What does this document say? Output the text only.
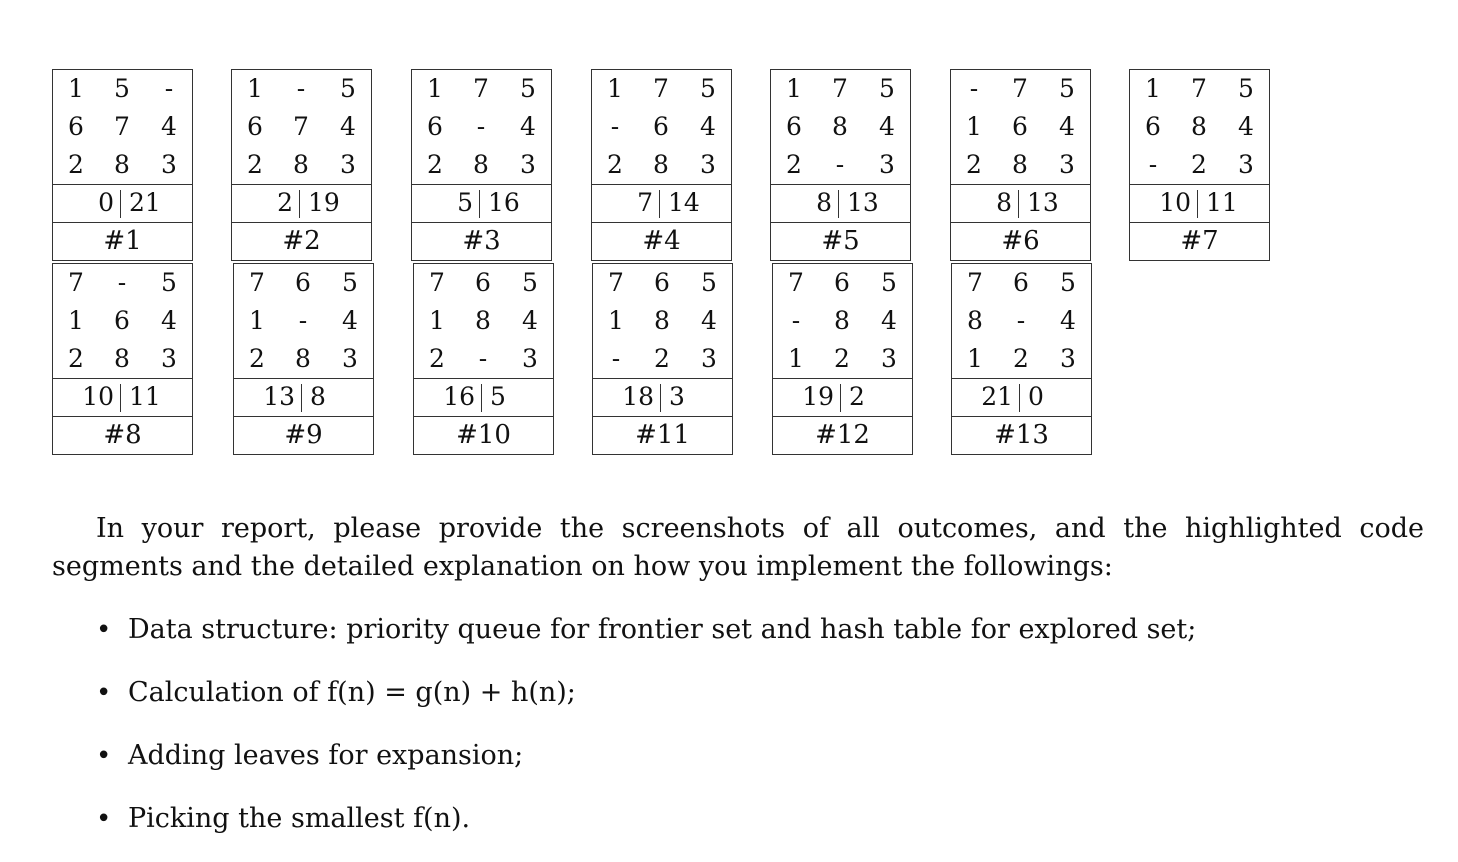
1	5	-
6	7	4
2	8	3
0 21
#1
1	-	5
6	7	4
2	8	3
2 19
#2
1	7	5
6	-	4
2	8	3
5 16
#3
1	7	5
-	6	4
2	8	3
7 14
#4
1	7	5
6	8	4
2	-	3
8 13
#5
-	7	5
1	6	4
2	8	3
8 13
#6
1	7	5
6	8	4
-	2	3
10 11
#7
7	-	5
1	6	4
2	8	3
10 11
#8
7	6	5
1	-	4
2	8	3
13 8
#9
7	6	5
1	8	4
2	-	3
16 5
#10
7	6	5
1	8	4
-	2	3
18 3
#11
7	6	5
-	8	4
1	2	3
19 2
#12
7	6	5
8	-	4
1	2	3
21 0
#13

In your report, please provide the screenshots of all outcomes, and the highlighted code segments and the detailed explanation on how you implement the followings:

• Data structure: priority queue for frontier set and hash table for explored set;
• Calculation of f(n) = g(n) + h(n);
• Adding leaves for expansion;
• Picking the smallest f(n).
